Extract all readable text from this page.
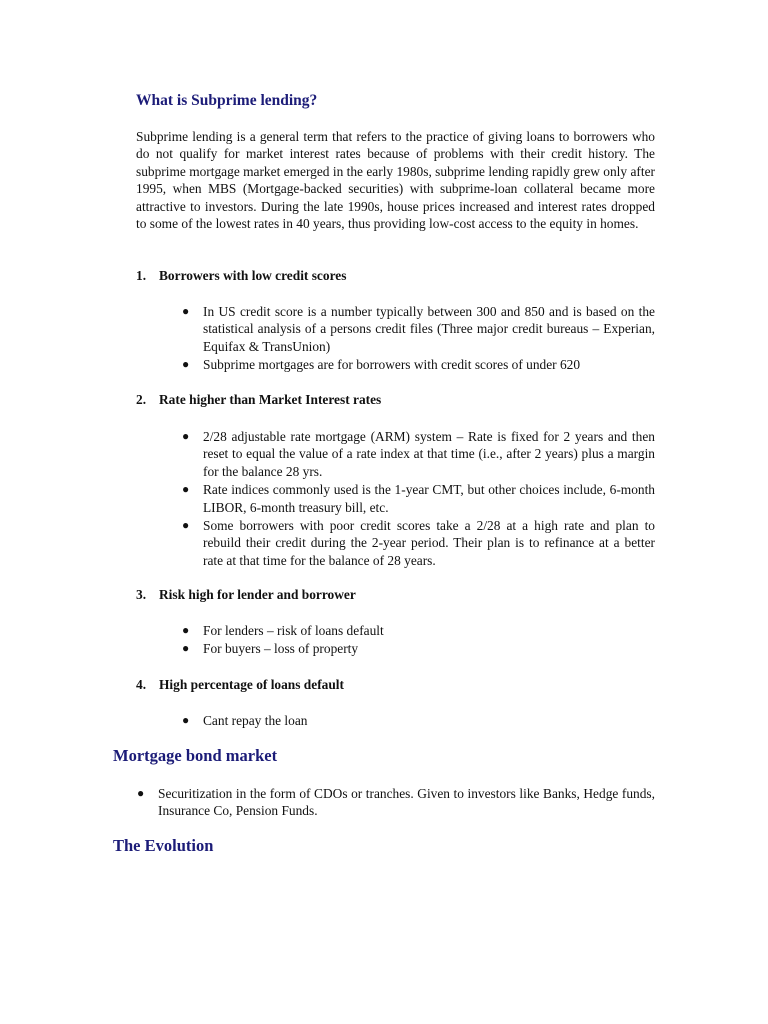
What is Subprime lending?

Subprime lending is a general term that refers to the practice of giving loans to borrowers who do not qualify for market interest rates because of problems with their credit history. The subprime mortgage market emerged in the early 1980s, subprime lending rapidly grew only after 1995, when MBS (Mortgage-backed securities) with subprime-loan collateral became more attractive to investors. During the late 1990s, house prices increased and interest rates dropped to some of the lowest rates in 40 years, thus providing low-cost access to the equity in homes.

1. Borrowers with low credit scores
● In US credit score is a number typically between 300 and 850 and is based on the statistical analysis of a persons credit files (Three major credit bureaus – Experian, Equifax & TransUnion)
● Subprime mortgages are for borrowers with credit scores of under 620
2. Rate higher than Market Interest rates
● 2/28 adjustable rate mortgage (ARM) system – Rate is fixed for 2 years and then reset to equal the value of a rate index at that time (i.e., after 2 years) plus a margin for the balance 28 yrs.
● Rate indices commonly used is the 1-year CMT, but other choices include, 6-month LIBOR, 6-month treasury bill, etc.
● Some borrowers with poor credit scores take a 2/28 at a high rate and plan to rebuild their credit during the 2-year period. Their plan is to refinance at a better rate at that time for the balance of 28 years.
3. Risk high for lender and borrower
● For lenders – risk of loans default
● For buyers – loss of property
4. High percentage of loans default
● Cant repay the loan
Mortgage bond market
● Securitization in the form of CDOs or tranches. Given to investors like Banks, Hedge funds, Insurance Co, Pension Funds.
The Evolution
